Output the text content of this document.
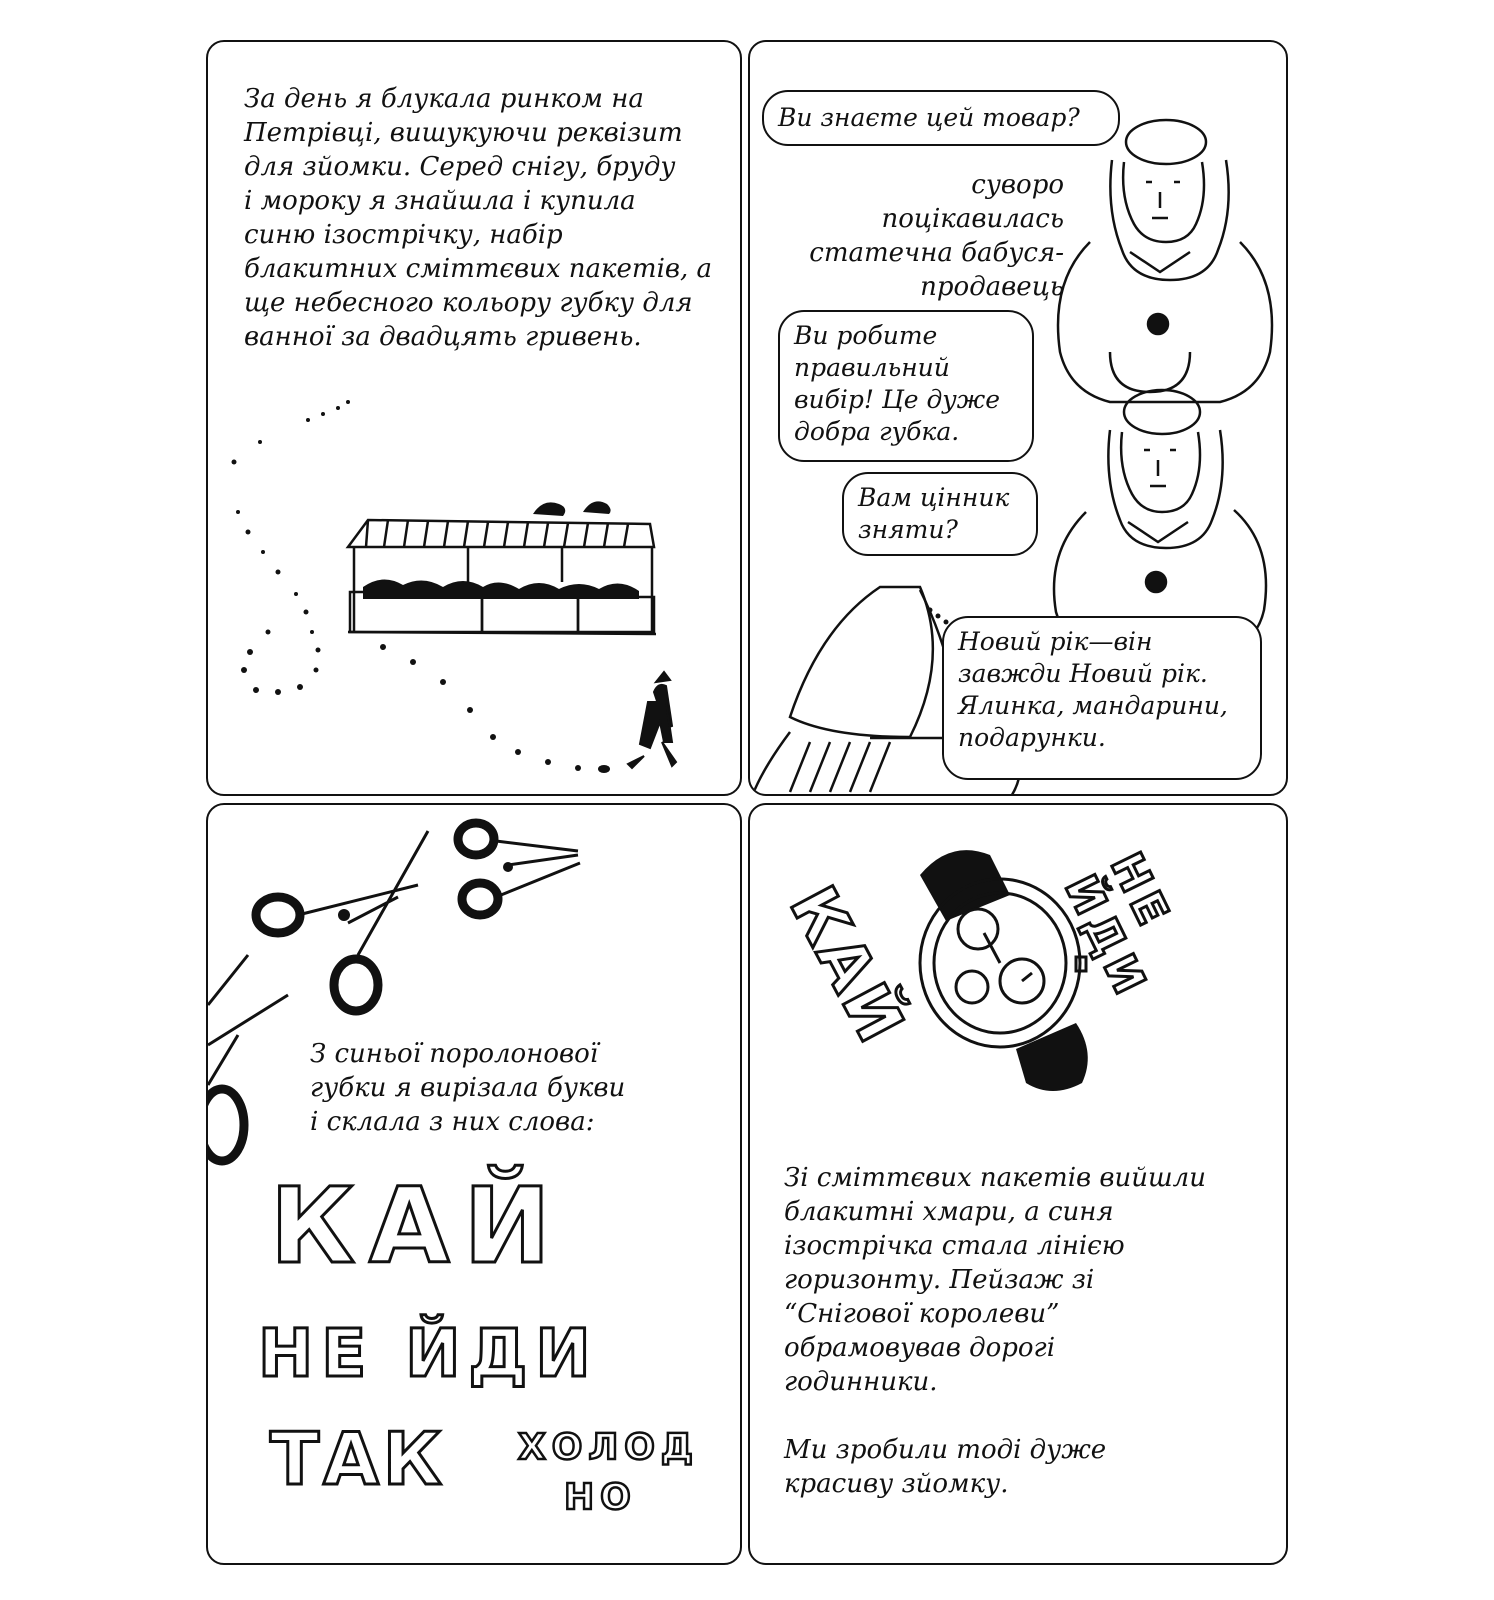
За день я блукала ринком на
Петрівці, вишукуючи реквізит
для зйомки. Серед снігу, бруду
і мороку я знайшла і купила
синю ізострічку, набір
блакитних сміттєвих пакетів, а
ще небесного кольору губку для
ванної за двадцять гривень.
Ви знаєте цей товар?
суворо
поцікавилась
статечна бабуся-
продавець
Ви робите
правильний
вибір! Це дуже
добра губка.
Вам цінник
зняти?
Новий рік—він
завжди Новий рік.
Ялинка, мандарини,
подарунки.
З синьої поролонової
губки я вирізала букви
і склала з них слова:
КАЙ
НЕ ЙДИ
ТАК ХОЛОД
НО
КАЙ	НЕ ЙДИ
Зі сміттєвих пакетів вийшли
блакитні хмари, а синя
ізострічка стала лінією
горизонту. Пейзаж зі
“Снігової королеви”
обрамовував дорогі
годинники.

Ми зробили тоді дуже
красиву зйомку.
